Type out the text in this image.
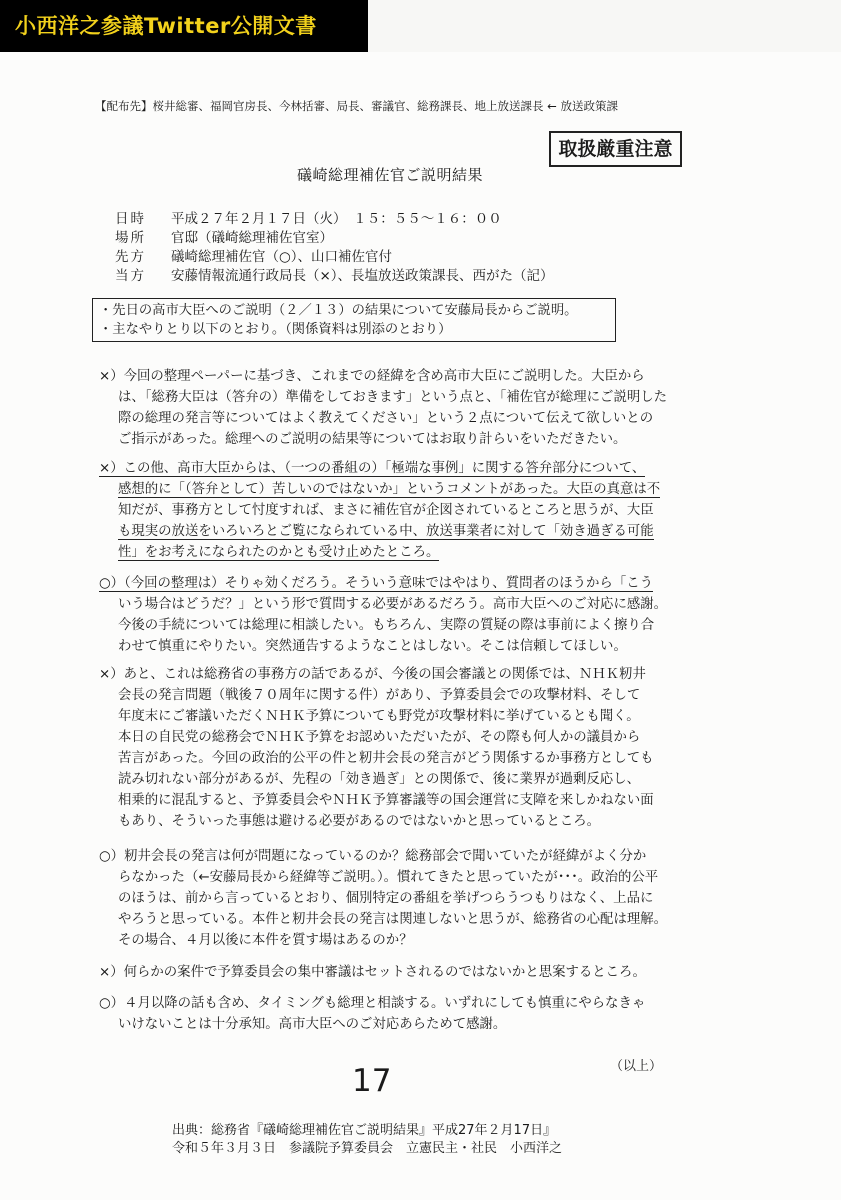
小西洋之参議Twitter公開文書
【配布先】桜井総審、福岡官房長、今林括審、局長、審議官、総務課長、地上放送課長 ← 放送政策課
取扱厳重注意
礒崎総理補佐官ご説明結果
日時 平成２７年２月１７日（火）　１５：５５～１６：００
場所 官邸（礒崎総理補佐官室）
先方 礒崎総理補佐官（○）、山口補佐官付
当方 安藤情報流通行政局長（×）、長塩放送政策課長、西がた（記）
・先日の高市大臣へのご説明（２／１３）の結果について安藤局長からご説明。
・主なやりとり以下のとおり。（関係資料は別添のとおり）
×）今回の整理ペーパーに基づき、これまでの経緯を含め高市大臣にご説明した。大臣から
は、「総務大臣は（答弁の）準備をしておきます」という点と、「補佐官が総理にご説明した
際の総理の発言等についてはよく教えてください」という２点について伝えて欲しいとの
ご指示があった。総理へのご説明の結果等についてはお取り計らいをいただきたい。
×）この他、高市大臣からは、（一つの番組の）「極端な事例」に関する答弁部分について、
感想的に「（答弁として）苦しいのではないか」というコメントがあった。大臣の真意は不
知だが、事務方として忖度すれば、まさに補佐官が企図されているところと思うが、大臣
も現実の放送をいろいろとご覧になられている中、放送事業者に対して「効き過ぎる可能
性」をお考えになられたのかとも受け止めたところ。
○）（今回の整理は）そりゃ効くだろう。そういう意味ではやはり、質問者のほうから「こう
いう場合はどうだ？」という形で質問する必要があるだろう。高市大臣へのご対応に感謝。
今後の手続については総理に相談したい。もちろん、実際の質疑の際は事前によく擦り合
わせて慎重にやりたい。突然通告するようなことはしない。そこは信頼してほしい。
×）あと、これは総務省の事務方の話であるが、今後の国会審議との関係では、ＮＨＫ籾井
会長の発言問題（戦後７０周年に関する件）があり、予算委員会での攻撃材料、そして
年度末にご審議いただくＮＨＫ予算についても野党が攻撃材料に挙げているとも聞く。
本日の自民党の総務会でＮＨＫ予算をお認めいただいたが、その際も何人かの議員から
苦言があった。今回の政治的公平の件と籾井会長の発言がどう関係するか事務方としても
読み切れない部分があるが、先程の「効き過ぎ」との関係で、後に業界が過剰反応し、
相乗的に混乱すると、予算委員会やＮＨＫ予算審議等の国会運営に支障を来しかねない面
もあり、そういった事態は避ける必要があるのではないかと思っているところ。
○）籾井会長の発言は何が問題になっているのか？総務部会で聞いていたが経緯がよく分か
らなかった（←安藤局長から経緯等ご説明。）。慣れてきたと思っていたが･･･。政治的公平
のほうは、前から言っているとおり、個別特定の番組を挙げつらうつもりはなく、上品に
やろうと思っている。本件と籾井会長の発言は関連しないと思うが、総務省の心配は理解。
その場合、４月以後に本件を質す場はあるのか？
×）何らかの案件で予算委員会の集中審議はセットされるのではないかと思案するところ。
○）４月以降の話も含め、タイミングも総理と相談する。いずれにしても慎重にやらなきゃ
いけないことは十分承知。高市大臣へのご対応あらためて感謝。
（以上）
17
出典：総務省『礒崎総理補佐官ご説明結果』平成27年２月17日』
令和５年３月３日　参議院予算委員会　立憲民主・社民　小西洋之
